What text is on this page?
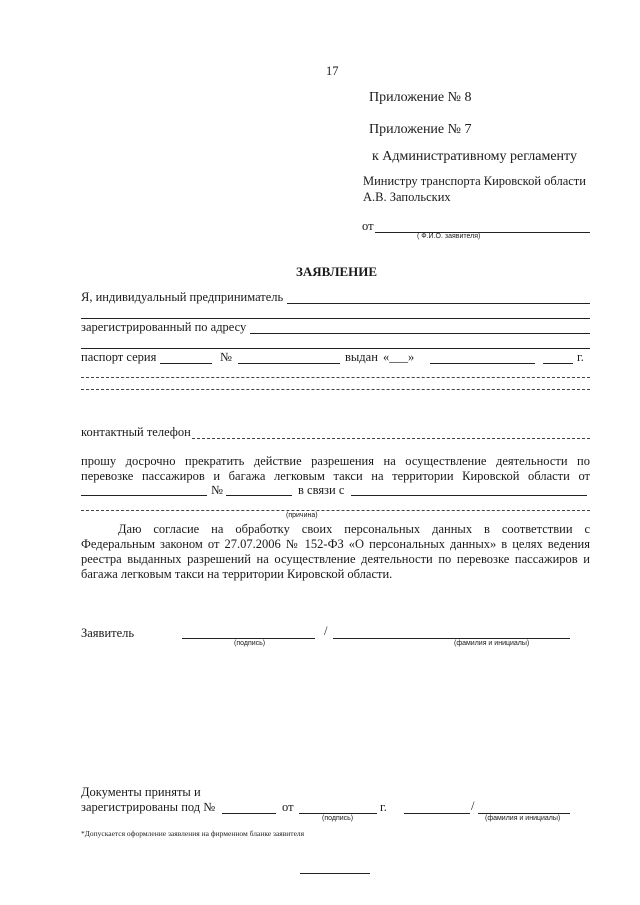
17
Приложение № 8
Приложение № 7
к Административному регламенту
Министру транспорта Кировской области
А.В. Запольских
от
( Ф.И.О. заявителя)
ЗАЯВЛЕНИЕ
Я, индивидуальный предприниматель
зарегистрированный по адресу
паспорт серия	№	выдан «___»	г.
контактный телефон
прошу досрочно прекратить действие разрешения на осуществление деятельности по
перевозке пассажиров и багажа легковым такси на территории Кировской области от
№	в связи с
(причина)
Даю согласие на обработку своих персональных данных в соответствии с
Федеральным законом от 27.07.2006 № 152-ФЗ «О персональных данных» в целях ведения
реестра выданных разрешений на осуществление деятельности по перевозке пассажиров и
багажа легковым такси на территории Кировской области.
Заявитель	/
(подпись)	(фамилия и инициалы)
Документы приняты и
зарегистрированы под №	от	г.	/
(подпись)	(фамилия и инициалы)
*Допускается оформление заявления на фирменном бланке заявителя
